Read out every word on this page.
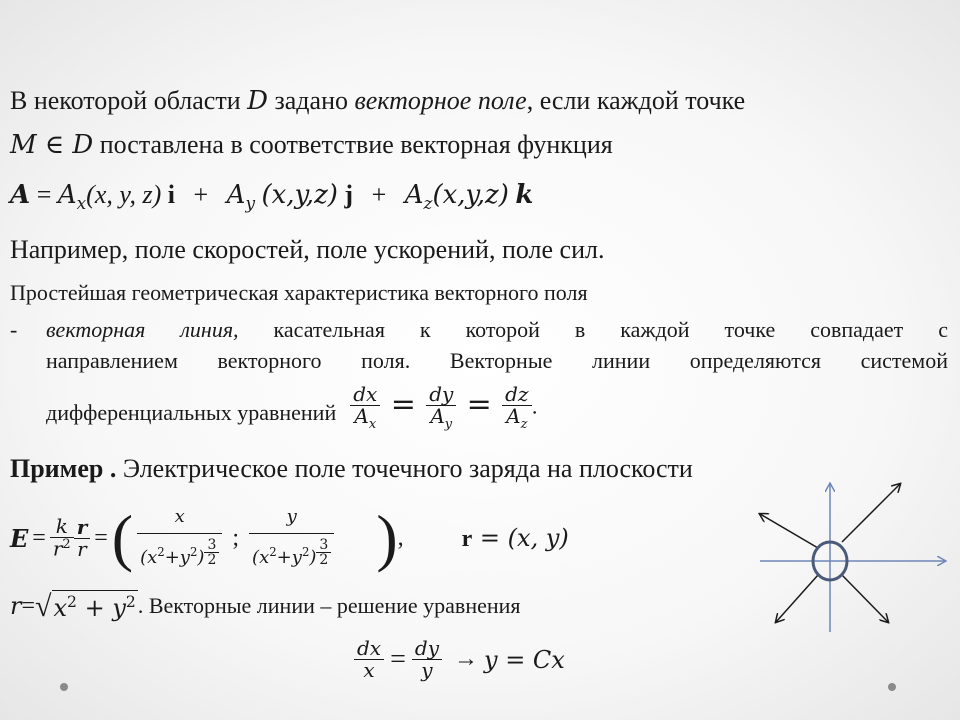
В некоторой области D задано векторное поле, если каждой точке
M ∈ D поставлена в соответствие векторная функция
$A = A_x(x$, y, z) $i + A_y$ (x,y,z) $j + A_z(x,y,z)$ k
Например, поле скоростей, поле ускорений, поле сил.
Простейшая геометрическая характеристика векторного поля
- векторная линия, касательная к которой в каждой точке совпадает с
направлением векторного поля. Векторные линии определяются системой
дифференциальных уравнений $\frac{dx}{A_x} = \frac{dy}{A_y} = \frac{dz}{A_z}$ .
Пример . Электрическое поле точечного заряда на плоскости
$E = \frac{k}{r^2} \frac{r}{r}$ = ( x
$(x^2+y^2)$ $^{\frac{3}{2}}$ ; y
$(x^2+y^2)$ $^{\frac{3}{2}}$ ) , r = (x, y)
r = √ $x^2 + y^2$ . Векторные линии – решение уравнения
$\frac{dx}{x} = \frac{dy}{y} \to y = Cx$
